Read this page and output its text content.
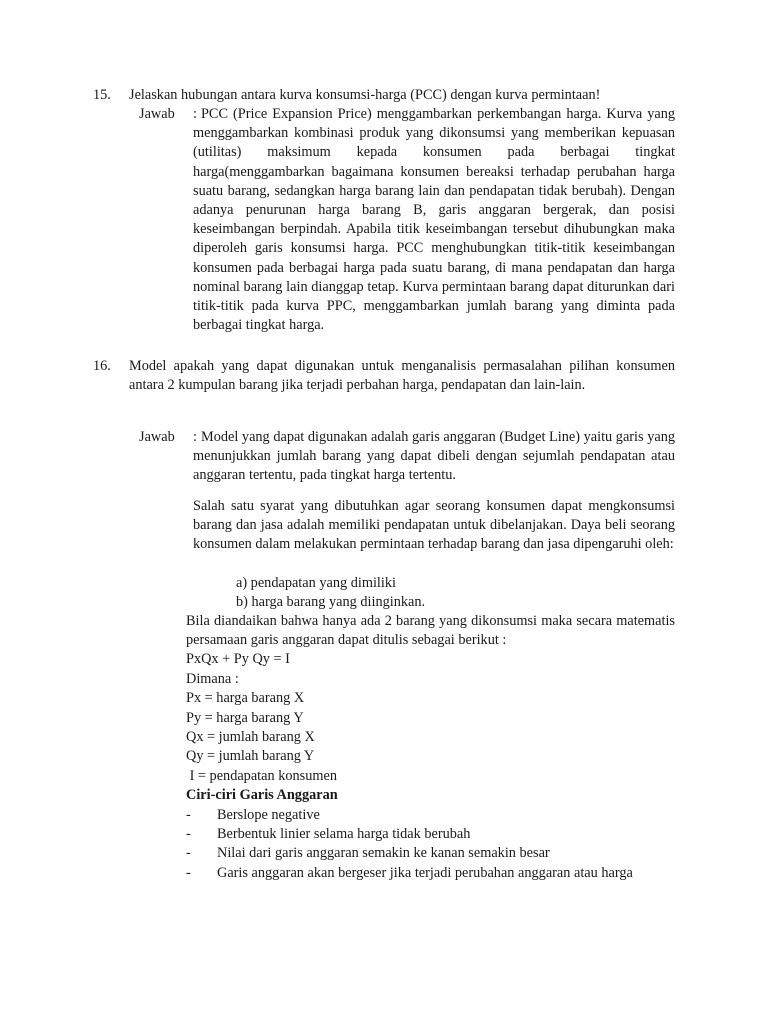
15. Jelaskan hubungan antara kurva konsumsi-harga (PCC) dengan kurva permintaan!
Jawab : PCC (Price Expansion Price) menggambarkan perkembangan harga. Kurva yang menggambarkan kombinasi produk yang dikonsumsi yang memberikan kepuasan (utilitas) maksimum kepada konsumen pada berbagai tingkat harga(menggambarkan bagaimana konsumen bereaksi terhadap perubahan harga suatu barang, sedangkan harga barang lain dan pendapatan tidak berubah). Dengan adanya penurunan harga barang B, garis anggaran bergerak, dan posisi keseimbangan berpindah. Apabila titik keseimbangan tersebut dihubungkan maka diperoleh garis konsumsi harga. PCC menghubungkan titik-titik keseimbangan konsumen pada berbagai harga pada suatu barang, di mana pendapatan dan harga nominal barang lain dianggap tetap. Kurva permintaan barang dapat diturunkan dari titik-titik pada kurva PPC, menggambarkan jumlah barang yang diminta pada berbagai tingkat harga.
16. Model apakah yang dapat digunakan untuk menganalisis permasalahan pilihan konsumen antara 2 kumpulan barang jika terjadi perbahan harga, pendapatan dan lain-lain.
Jawab : Model yang dapat digunakan adalah garis anggaran (Budget Line) yaitu garis yang menunjukkan jumlah barang yang dapat dibeli dengan sejumlah pendapatan atau anggaran tertentu, pada tingkat harga tertentu.
Salah satu syarat yang dibutuhkan agar seorang konsumen dapat mengkonsumsi barang dan jasa adalah memiliki pendapatan untuk dibelanjakan. Daya beli seorang konsumen dalam melakukan permintaan terhadap barang dan jasa dipengaruhi oleh:
a) pendapatan yang dimiliki
b) harga barang yang diinginkan.
Bila diandaikan bahwa hanya ada 2 barang yang dikonsumsi maka secara matematis persamaan garis anggaran dapat ditulis sebagai berikut :
PxQx + Py Qy = I
Dimana :
Px = harga barang X
Py = harga barang Y
Qx = jumlah barang X
Qy = jumlah barang Y
I = pendapatan konsumen
Ciri-ciri Garis Anggaran
- Berslope negative
- Berbentuk linier selama harga tidak berubah
- Nilai dari garis anggaran semakin ke kanan semakin besar
- Garis anggaran akan bergeser jika terjadi perubahan anggaran atau harga
